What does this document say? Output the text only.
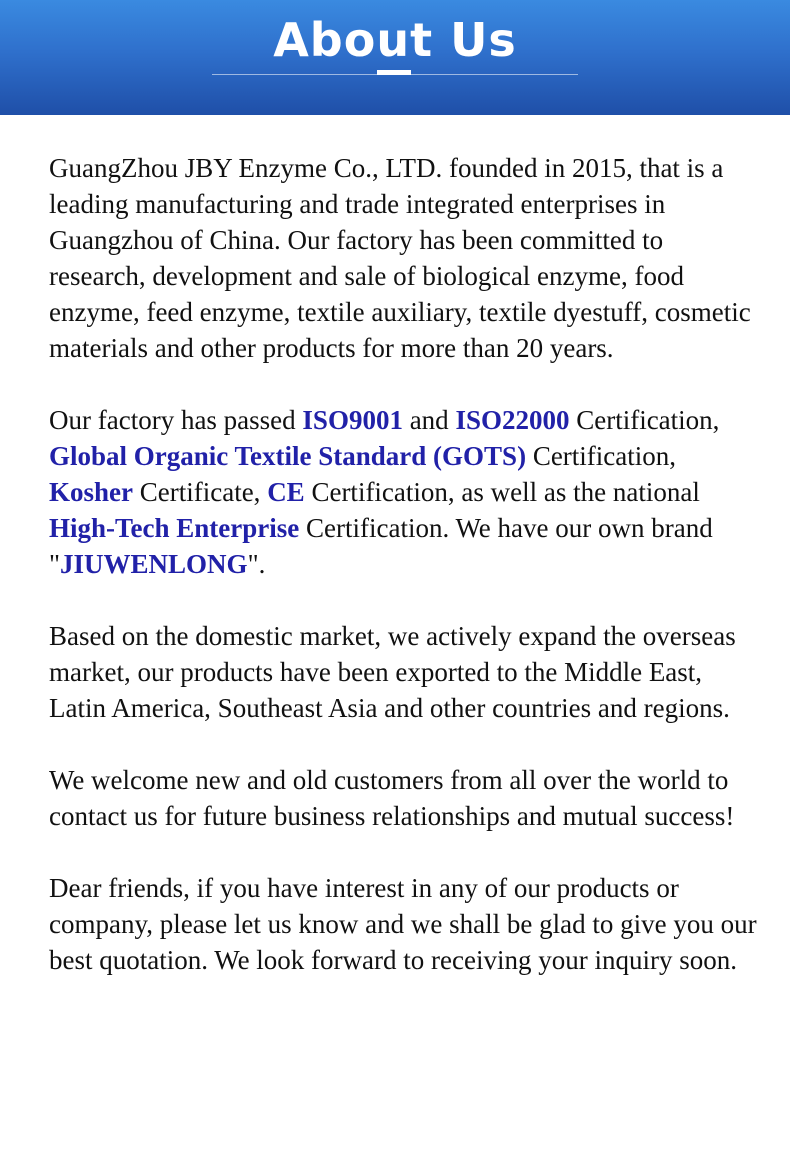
About Us

GuangZhou JBY Enzyme Co., LTD. founded in 2015, that is a leading manufacturing and trade integrated enterprises in Guangzhou of China. Our factory has been committed to research, development and sale of biological enzyme, food enzyme, feed enzyme, textile auxiliary, textile dyestuff, cosmetic materials and other products for more than 20 years.

Our factory has passed ISO9001 and ISO22000 Certification, Global Organic Textile Standard (GOTS) Certification, Kosher Certificate, CE Certification, as well as the national High-Tech Enterprise Certification. We have our own brand "JIUWENLONG".

Based on the domestic market, we actively expand the overseas market, our products have been exported to the Middle East, Latin America, Southeast Asia and other countries and regions.

We welcome new and old customers from all over the world to contact us for future business relationships and mutual success!

Dear friends, if you have interest in any of our products or company, please let us know and we shall be glad to give you our best quotation. We look forward to receiving your inquiry soon.
